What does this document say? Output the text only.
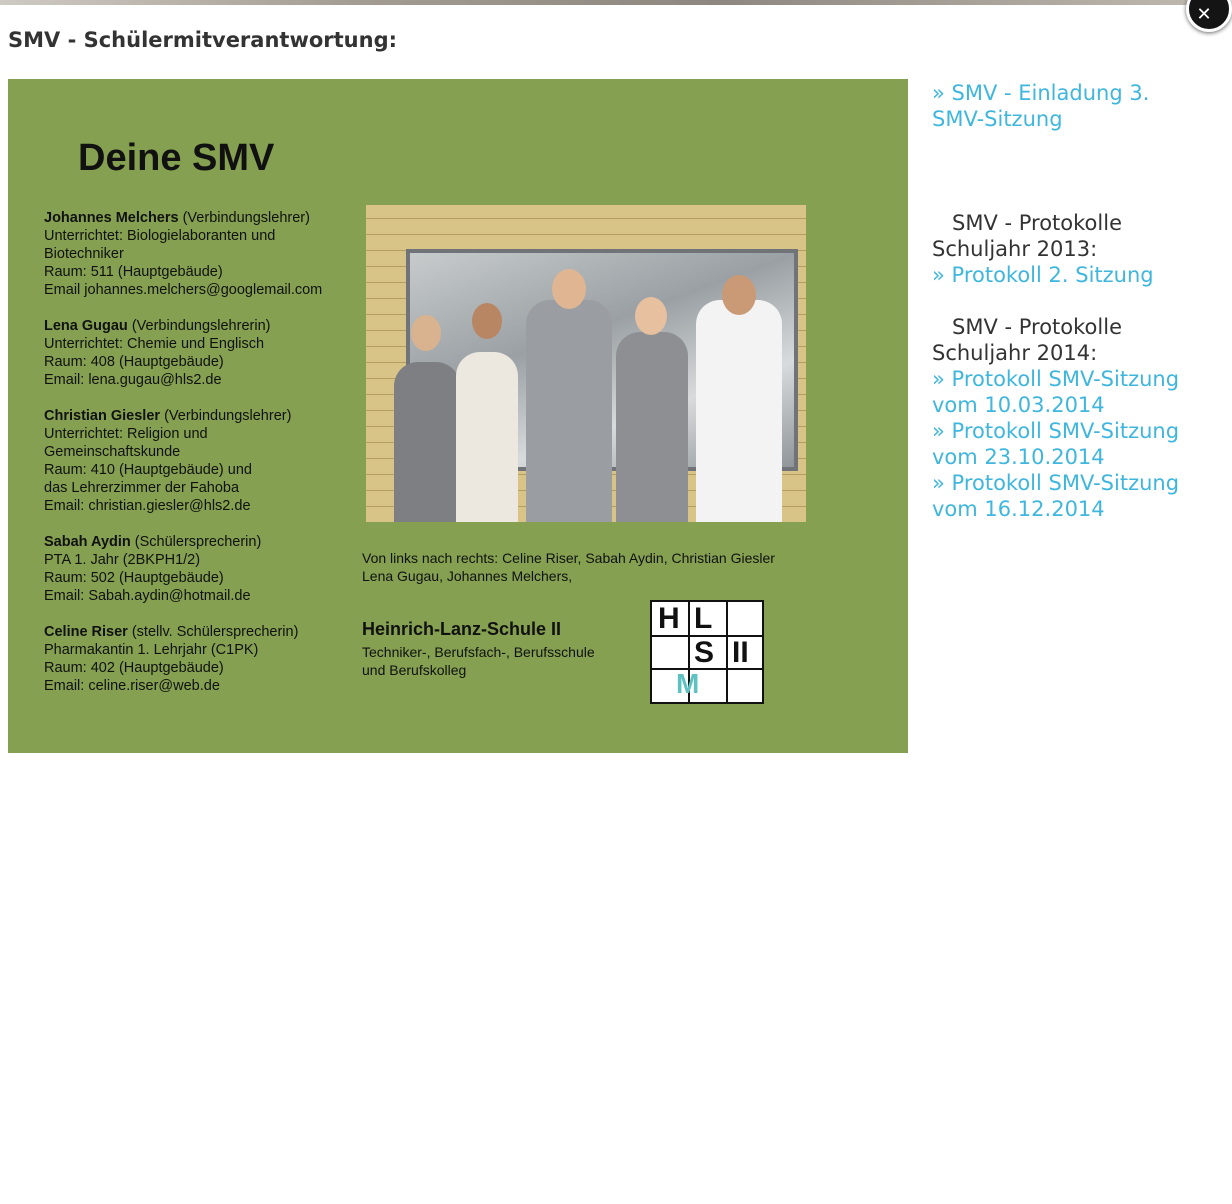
✕
SMV - Schülermitverantwortung:
Deine SMV
Johannes Melchers (Verbindungslehrer)
Unterrichtet: Biologielaboranten und
Biotechniker
Raum: 511 (Hauptgebäude)
Email johannes.melchers@googlemail.com
Lena Gugau (Verbindungslehrerin)
Unterrichtet: Chemie und Englisch
Raum: 408 (Hauptgebäude)
Email: lena.gugau@hls2.de
Christian Giesler (Verbindungslehrer)
Unterrichtet: Religion und
Gemeinschaftskunde
Raum: 410 (Hauptgebäude) und
das Lehrerzimmer der Fahoba
Email: christian.giesler@hls2.de
Sabah Aydin (Schülersprecherin)
PTA 1. Jahr (2BKPH1/2)
Raum: 502 (Hauptgebäude)
Email: Sabah.aydin@hotmail.de
Celine Riser (stellv. Schülersprecherin)
Pharmakantin 1. Lehrjahr (C1PK)
Raum: 402 (Hauptgebäude)
Email: celine.riser@web.de
Von links nach rechts: Celine Riser, Sabah Aydin, Christian Giesler
Lena Gugau, Johannes Melchers,
Heinrich-Lanz-Schule II
Techniker-, Berufsfach-, Berufsschule
und Berufskolleg
H L
S II
M
» SMV - Einladung 3. SMV-Sitzung
SMV - Protokolle Schuljahr 2013:
» Protokoll 2. Sitzung
SMV - Protokolle Schuljahr 2014:
» Protokoll SMV-Sitzung vom 10.03.2014
» Protokoll SMV-Sitzung vom 23.10.2014
» Protokoll SMV-Sitzung vom 16.12.2014
